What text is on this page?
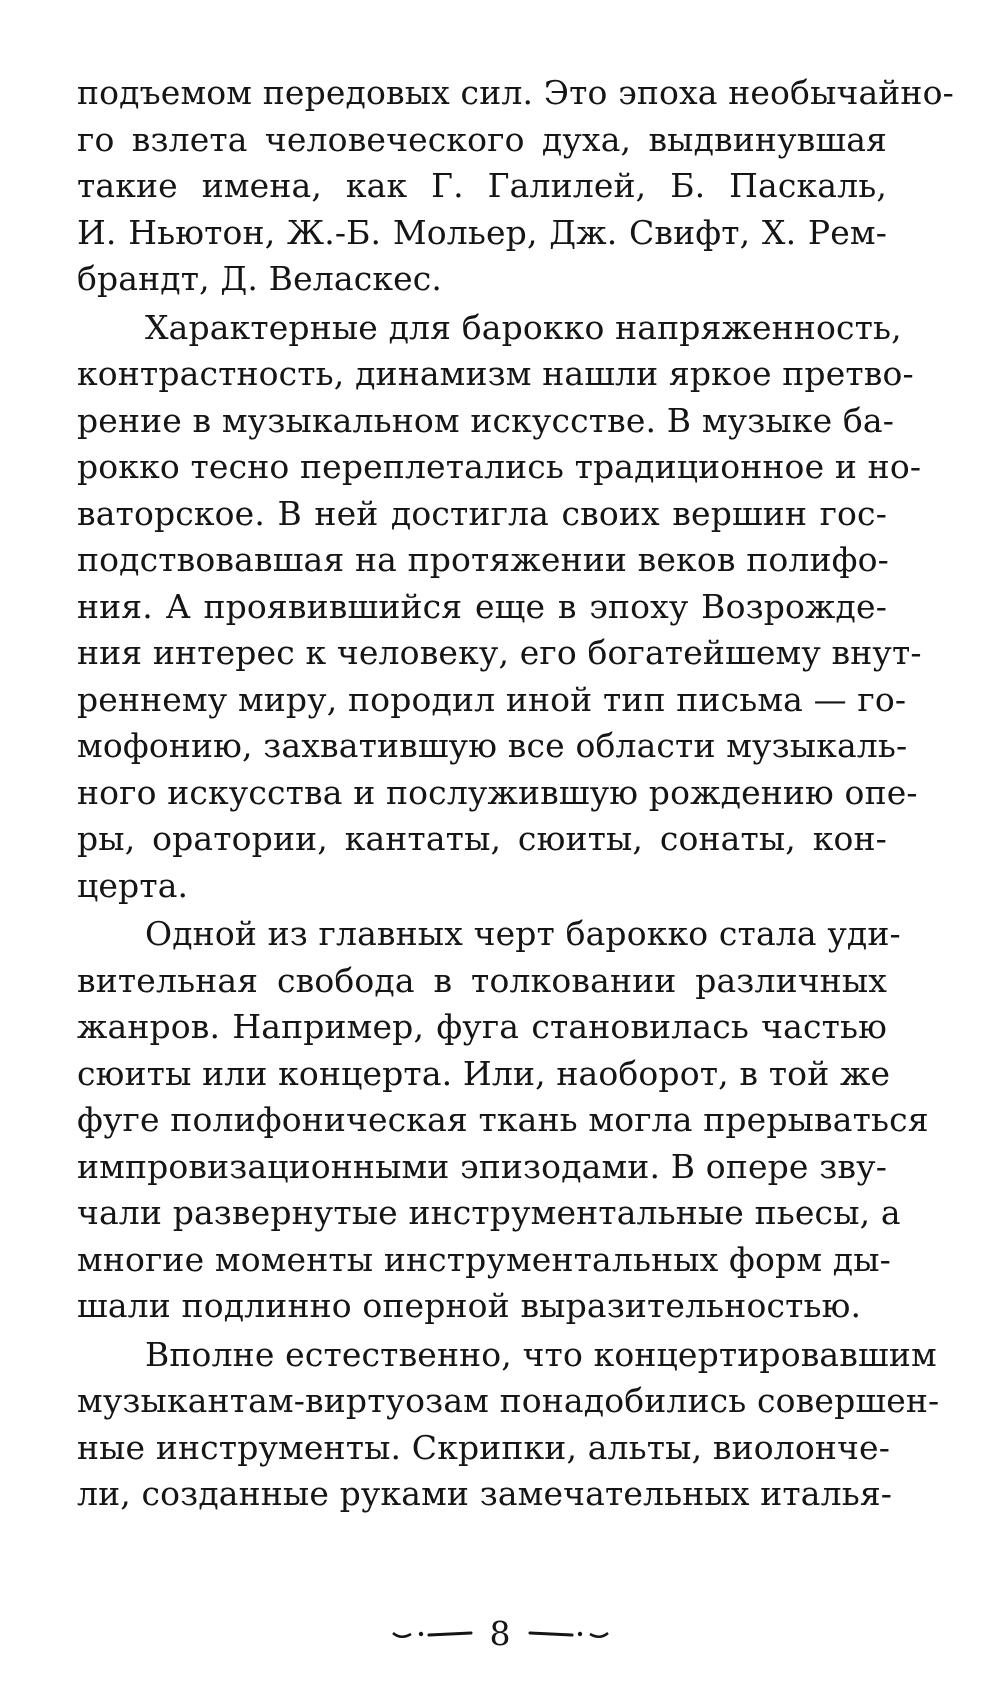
подъемом передовых сил. Это эпоха необычайно-
го взлета человеческого духа, выдвинувшая
такие имена, как Г. Галилей, Б. Паскаль,
И. Ньютон, Ж.-Б. Мольер, Дж. Свифт, Х. Рем-
брандт, Д. Веласкес.
Характерные для барокко напряженность,
контрастность, динамизм нашли яркое претво-
рение в музыкальном искусстве. В музыке ба-
рокко тесно переплетались традиционное и но-
ваторское. В ней достигла своих вершин гос-
подствовавшая на протяжении веков полифо-
ния. А проявившийся еще в эпоху Возрожде-
ния интерес к человеку, его богатейшему внут-
реннему миру, породил иной тип письма — го-
мофонию, захватившую все области музыкаль-
ного искусства и послужившую рождению опе-
ры, оратории, кантаты, сюиты, сонаты, кон-
церта.
Одной из главных черт барокко стала уди-
вительная свобода в толковании различных
жанров. Например, фуга становилась частью
сюиты или концерта. Или, наоборот, в той же
фуге полифоническая ткань могла прерываться
импровизационными эпизодами. В опере зву-
чали развернутые инструментальные пьесы, а
многие моменты инструментальных форм ды-
шали подлинно оперной выразительностью.
Вполне естественно, что концертировавшим
музыкантам-виртуозам понадобились совершен-
ные инструменты. Скрипки, альты, виолонче-
ли, созданные руками замечательных италья-
8
